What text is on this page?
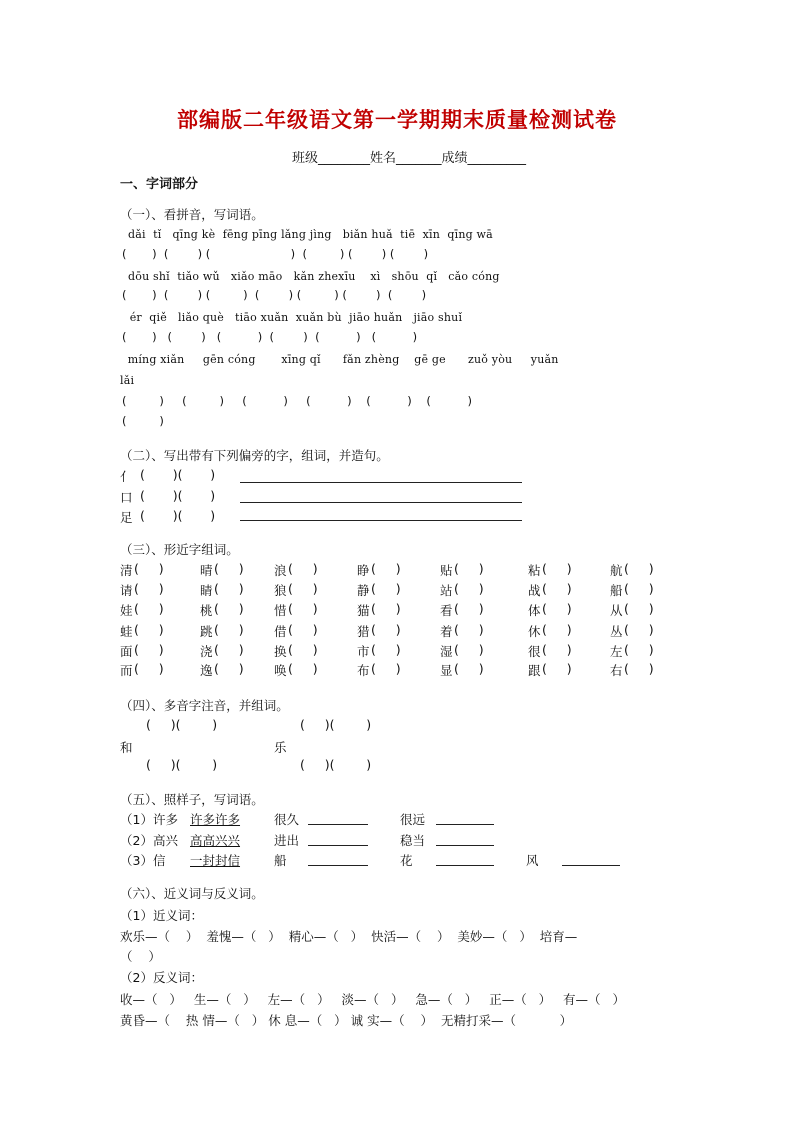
部编版二年级语文第一学期期末质量检测试卷
班级________姓名_______成绩_________
一、字词部分
（一）、看拼音，写词语。
dǎi  tǐ   qīng kè  fēng pīng lǎng jìng   biǎn huǎ  tiē  xīn  qīng wā
(       )  (        ) (                      )  (         ) (        ) (        )
dōu shǐ  tiǎo wǔ   xiǎo māo   kǎn zhexīu    xì   shōu  qǐ   cǎo cóng
(       )  (        ) (         )  (        ) (         ) (        )  (        )
ér  qiě   liǎo què   tiāo xuǎn  xuǎn bù  jiāo huǎn   jiāo shuǐ
(       )   (        )   (          )  (        )  (          )   (          )
míng xiǎn     gēn cóng       xīng qǐ      fǎn zhèng    gē ge      zuǒ yòu     yuǎn
lǎi
(         )     (         )     (          )     (          )    (          )    (          )
(         )
（二）、写出带有下列偏旁的字，组词，并造句。
亻 (       )(       )
口 (       )(       )
足 (       )(       )
（三）、形近字组词。
清 (     )	晴 (     ) 浪 (     )	睁 (     )	贴 (     )	粘 (     )	航 (     )
请 (     )	睛 (     ) 狼 (     )	静 (     )	站 (     )	战 (     )	船 (     )
娃 (     )	桃 (     ) 惜 (     )	猫 (     )	看 (     )	体 (     )	从 (     )
蛙 (     )	跳 (     ) 借 (     )	猎 (     )	着 (     )	休 (     )	丛 (     )
面 (     )	浇 (     ) 换 (     )	市 (     )	湿 (     )	很 (     )	左 (     )
而 (     )	逸 (     ) 唤 (     )	布 (     )	显 (     )	跟 (     )	右 (     )
（四）、多音字注音，并组词。
(     )(        )	(     )(        )
和	乐
(     )(        )	(     )(        )
（五）、照样子，写词语。
（1）许多 许多许多	很久	很远
（2）高兴 高高兴兴	进出	稳当
（3）信 一封封信	船	花	风
（六）、近义词与反义词。
（1）近义词：
欢乐—（    ）  羞愧—（   ）  精心—（   ）  快活—（    ）  美妙—（   ）  培育—
（    ）
（2）反义词：
收—（   ）   生—（   ）   左—（   ）   淡—（   ）   急—（   ）   正—（   ）   有—（   ）
黄昏—（    热 情—（   ） 休 息—（   ） 诚 实—（    ）  无精打采—（           ）
